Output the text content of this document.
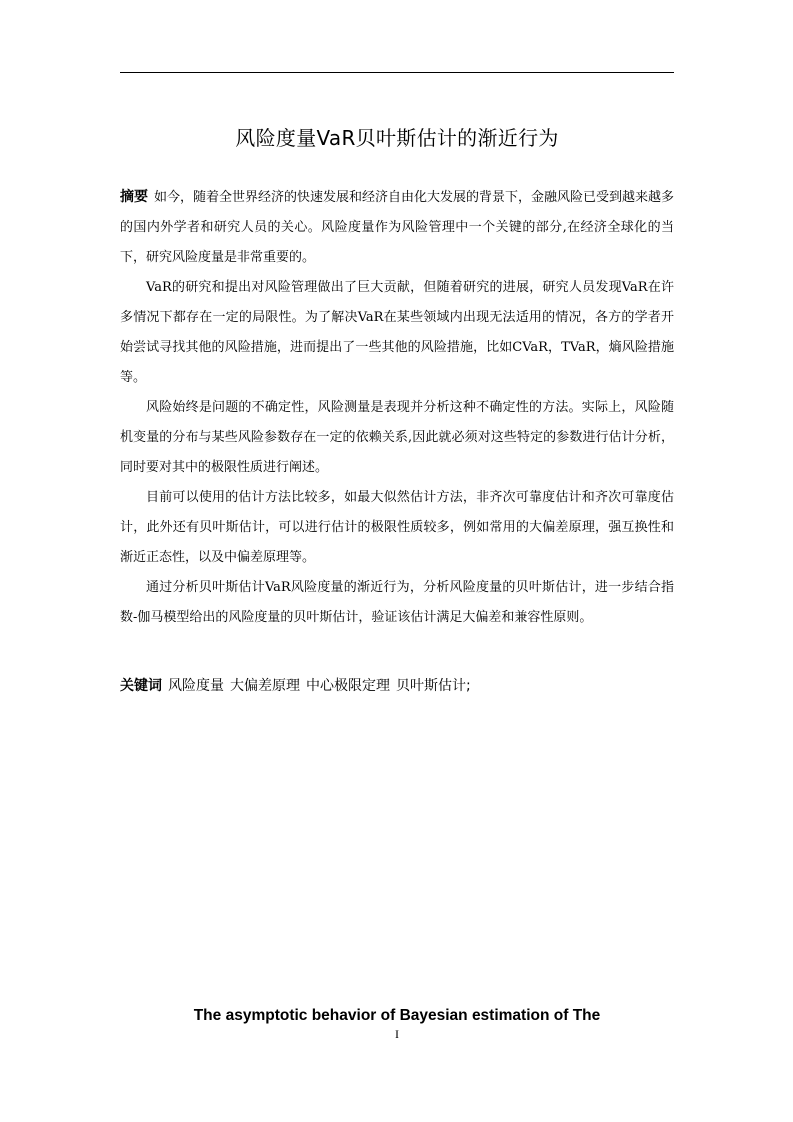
风险度量VaR贝叶斯估计的渐近行为

摘要 如今，随着全世界经济的快速发展和经济自由化大发展的背景下，金融风险已受到越来越多的国内外学者和研究人员的关心。风险度量作为风险管理中一个关键的部分,在经济全球化的当下，研究风险度量是非常重要的。

VaR的研究和提出对风险管理做出了巨大贡献，但随着研究的进展，研究人员发现VaR在许多情况下都存在一定的局限性。为了解决VaR在某些领域内出现无法适用的情况，各方的学者开始尝试寻找其他的风险措施，进而提出了一些其他的风险措施，比如CVaR，TVaR，熵风险措施等。

风险始终是问题的不确定性，风险测量是表现并分析这种不确定性的方法。实际上，风险随机变量的分布与某些风险参数存在一定的依赖关系,因此就必须对这些特定的参数进行估计分析，同时要对其中的极限性质进行阐述。

目前可以使用的估计方法比较多，如最大似然估计方法，非齐次可靠度估计和齐次可靠度估计，此外还有贝叶斯估计，可以进行估计的极限性质较多，例如常用的大偏差原理，强互换性和渐近正态性，以及中偏差原理等。

通过分析贝叶斯估计VaR风险度量的渐近行为，分析风险度量的贝叶斯估计，进一步结合指数-伽马模型给出的风险度量的贝叶斯估计，验证该估计满足大偏差和兼容性原则。

关键词 风险度量 大偏差原理 中心极限定理 贝叶斯估计;
The asymptotic behavior of Bayesian estimation of The
I
